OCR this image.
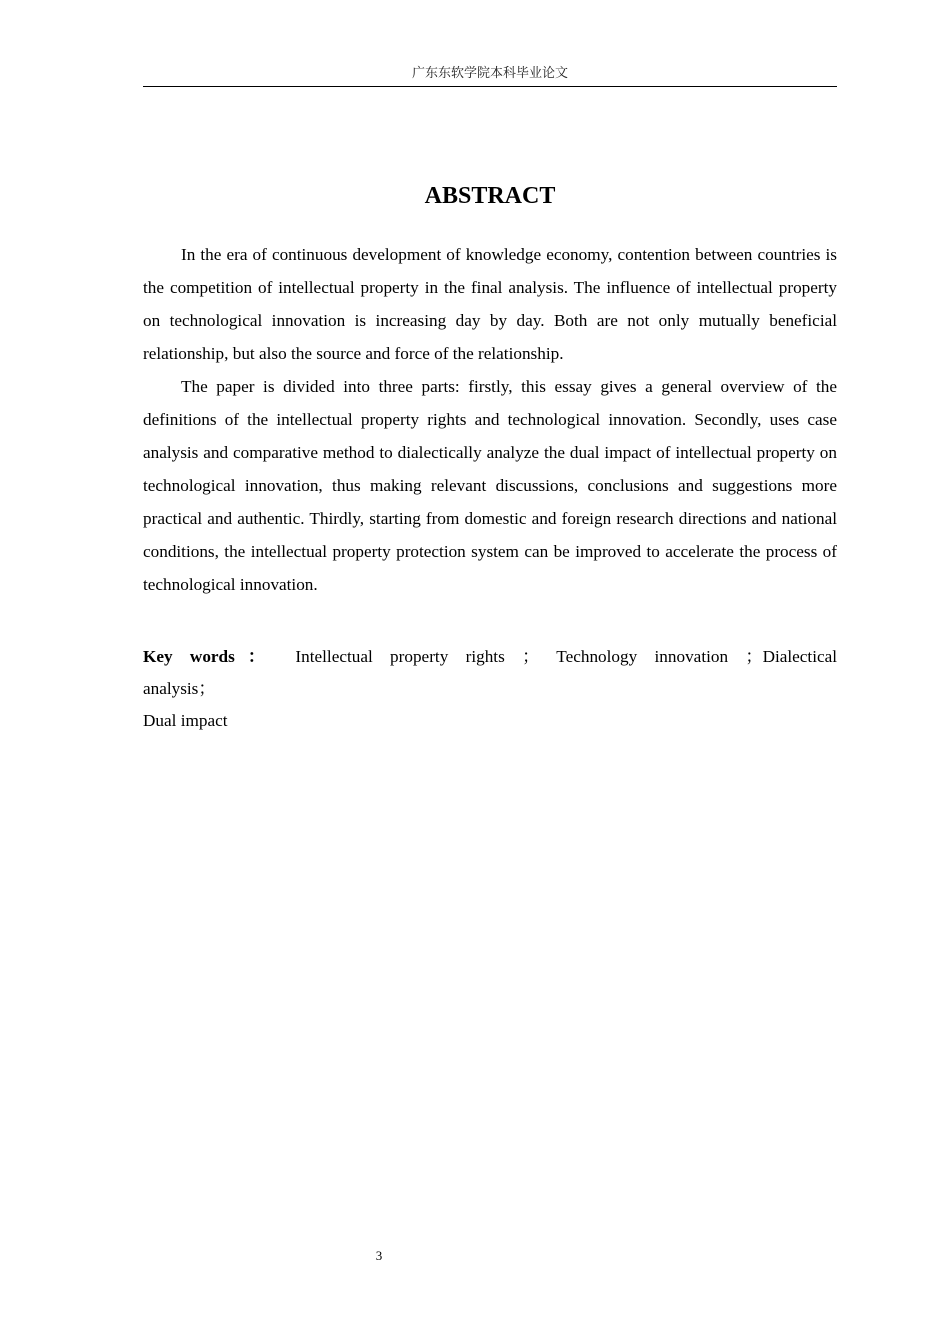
广东东软学院本科毕业论文
ABSTRACT

In the era of continuous development of knowledge economy, contention between countries is the competition of intellectual property in the final analysis. The influence of intellectual property on technological innovation is increasing day by day. Both are not only mutually beneficial relationship, but also the source and force of the relationship.

The paper is divided into three parts: firstly, this essay gives a general overview of the definitions of the intellectual property rights and technological innovation. Secondly, uses case analysis and comparative method to dialectically analyze the dual impact of intellectual property on technological innovation, thus making relevant discussions, conclusions and suggestions more practical and authentic. Thirdly, starting from domestic and foreign research directions and national conditions, the intellectual property protection system can be improved to accelerate the process of technological innovation.

Key words： Intellectual property rights ； Technology innovation ；Dialectical
analysis；
Dual impact
3
